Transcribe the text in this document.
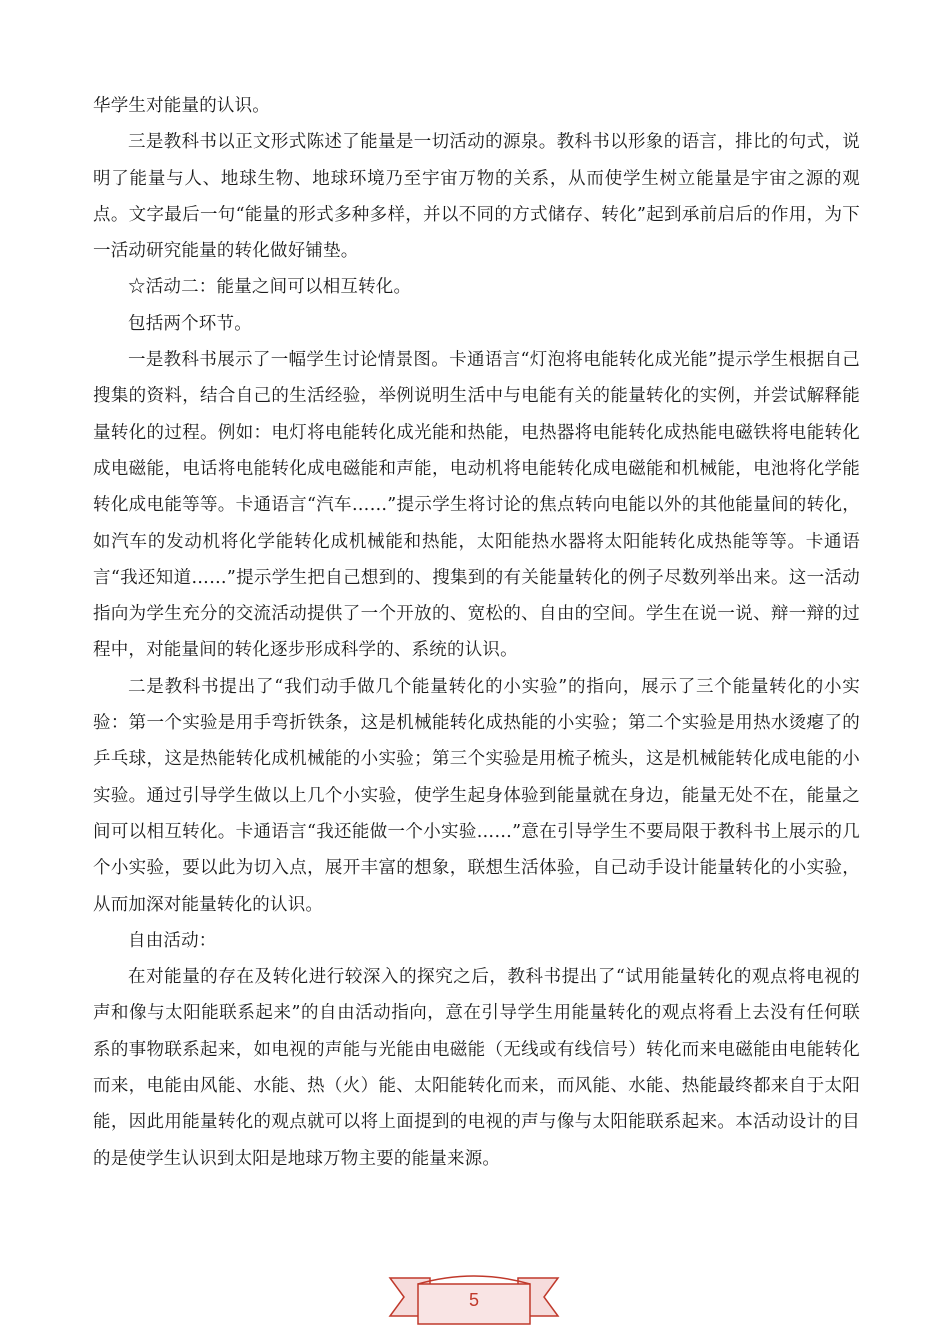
华学生对能量的认识。

三是教科书以正文形式陈述了能量是一切活动的源泉。教科书以形象的语言，排比的句式，说明了能量与人、地球生物、地球环境乃至宇宙万物的关系，从而使学生树立能量是宇宙之源的观点。文字最后一句“能量的形式多种多样，并以不同的方式储存、转化”起到承前启后的作用，为下一活动研究能量的转化做好铺垫。

☆活动二：能量之间可以相互转化。

包括两个环节。

一是教科书展示了一幅学生讨论情景图。卡通语言“灯泡将电能转化成光能”提示学生根据自己搜集的资料，结合自己的生活经验，举例说明生活中与电能有关的能量转化的实例，并尝试解释能量转化的过程。例如：电灯将电能转化成光能和热能，电热器将电能转化成热能电磁铁将电能转化成电磁能，电话将电能转化成电磁能和声能，电动机将电能转化成电磁能和机械能，电池将化学能转化成电能等等。卡通语言“汽车……”提示学生将讨论的焦点转向电能以外的其他能量间的转化，如汽车的发动机将化学能转化成机械能和热能，太阳能热水器将太阳能转化成热能等等。卡通语言“我还知道……”提示学生把自己想到的、搜集到的有关能量转化的例子尽数列举出来。这一活动指向为学生充分的交流活动提供了一个开放的、宽松的、自由的空间。学生在说一说、辩一辩的过程中，对能量间的转化逐步形成科学的、系统的认识。

二是教科书提出了“我们动手做几个能量转化的小实验”的指向，展示了三个能量转化的小实验：第一个实验是用手弯折铁条，这是机械能转化成热能的小实验；第二个实验是用热水烫瘪了的乒乓球，这是热能转化成机械能的小实验；第三个实验是用梳子梳头，这是机械能转化成电能的小实验。通过引导学生做以上几个小实验，使学生起身体验到能量就在身边，能量无处不在，能量之间可以相互转化。卡通语言“我还能做一个小实验……”意在引导学生不要局限于教科书上展示的几个小实验，要以此为切入点，展开丰富的想象，联想生活体验，自己动手设计能量转化的小实验，从而加深对能量转化的认识。

自由活动：

在对能量的存在及转化进行较深入的探究之后，教科书提出了“试用能量转化的观点将电视的声和像与太阳能联系起来”的自由活动指向，意在引导学生用能量转化的观点将看上去没有任何联系的事物联系起来，如电视的声能与光能由电磁能（无线或有线信号）转化而来电磁能由电能转化而来，电能由风能、水能、热（火）能、太阳能转化而来，而风能、水能、热能最终都来自于太阳能，因此用能量转化的观点就可以将上面提到的电视的声与像与太阳能联系起来。本活动设计的目的是使学生认识到太阳是地球万物主要的能量来源。

5
